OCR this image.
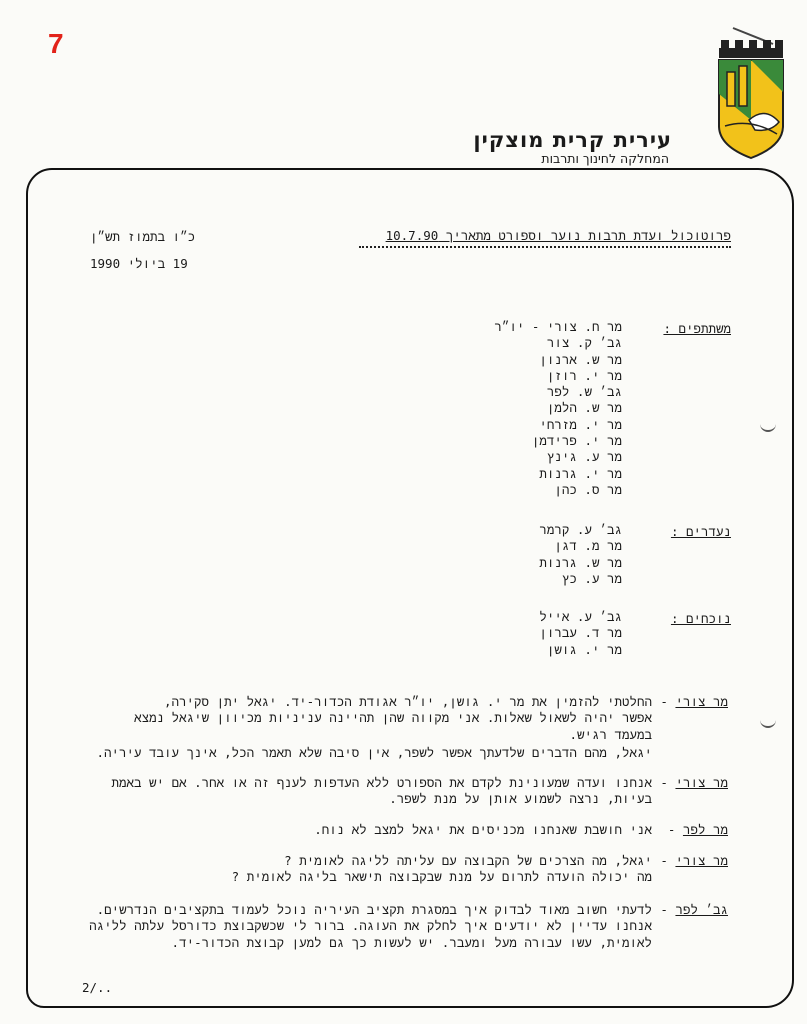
7
עירית קרית מוצקין
המחלקה לחינוך ותרבות
פרוטוכול ועדת תרבות נוער וספורט מתאריך 10.7.90
כ״ו בתמוז תש״ן
19 ביולי 1990
משתתפים :
מר ח. צורי - יו״ר
גב׳ ק. צור
מר ש. ארנון
מר י. רוזן
גב׳ ש. לפר
מר ש. הלמן
מר י. מזרחי
מר י. פרידמן
מר ע. גינץ
מר י. גרנות
מר ס. כהן
נעדרים :
גב׳ ע. קרמר
מר מ. דגן
מר ש. גרנות
מר ע. כץ
נוכחים :
גב׳ ע. אייל
מר ד. עברון
מר י. גושן
מר צורי -
החלטתי להזמין את מר י. גושן, יו״ר אגודת הכדור-יד. יגאל יתן סקירה,
אפשר יהיה לשאול שאלות. אני מקווה שהן תהיינה עניניות מכיוון שיגאל נמצא
במעמד רגיש.
יגאל, מהם הדברים שלדעתך אפשר לשפר, אין סיבה שלא תאמר הכל, אינך עובד עיריה.
מר צורי -
אנחנו ועדה שמעונינת לקדם את הספורט ללא העדפות לענף זה או אחר. אם יש באמת
בעיות, נרצה לשמוע אותן על מנת לשפר.
מר לפר -
אני חושבת שאנחנו מכניסים את יגאל למצב לא נוח.
מר צורי -
יגאל, מה הצרכים של הקבוצה עם עליתה לליגה לאומית ?
מה יכולה הועדה לתרום על מנת שבקבוצה תישאר בליגה לאומית ?
גב׳ לפר -
לדעתי חשוב מאוד לבדוק איך במסגרת תקציב העיריה נוכל לעמוד בתקציבים הנדרשים.
אנחנו עדיין לא יודעים איך לחלק את העוגה. ברור לי שכשקבוצת כדורסל עלתה לליגה
לאומית, עשו עבורה מעל ומעבר. יש לעשות כך גם למען קבוצת הכדור-יד.
2/..
